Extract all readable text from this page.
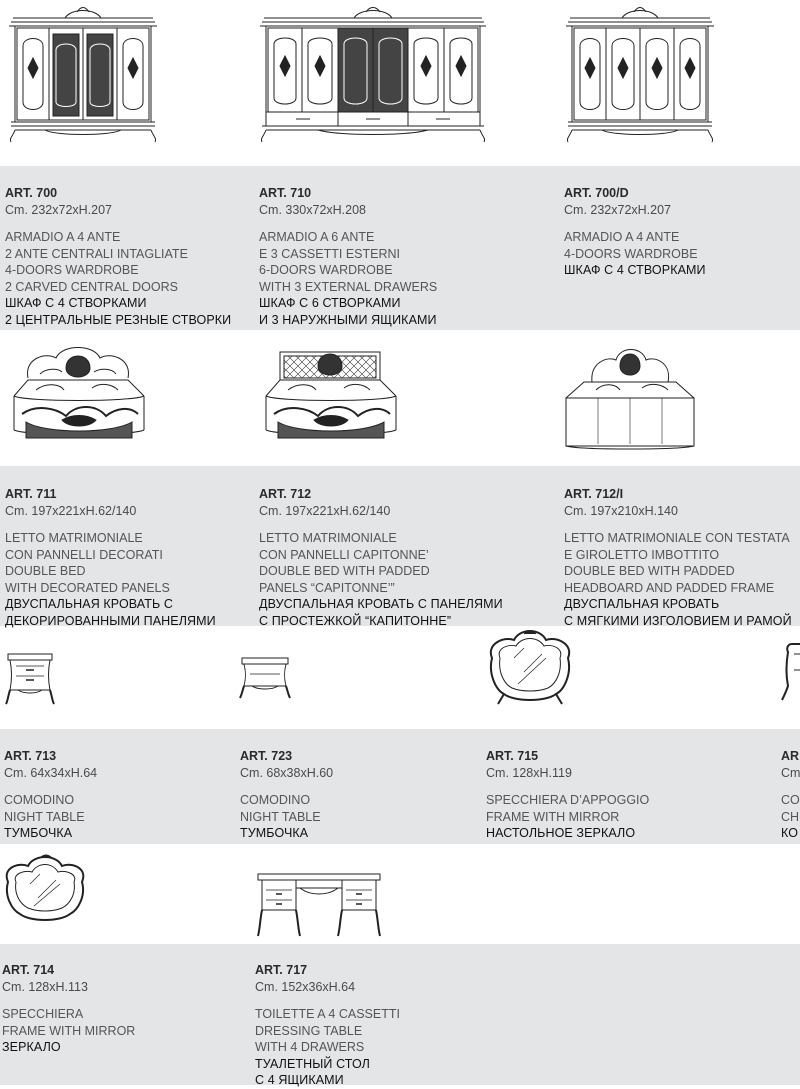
ART. 700
Cm. 232x72xH.207
ARMADIO A 4 ANTE
2 ANTE CENTRALI INTAGLIATE
4-DOORS WARDROBE
2 CARVED CENTRAL DOORS
ШКАФ С 4 СТВОРКАМИ
2 ЦЕНТРАЛЬНЫЕ РЕЗНЫЕ СТВОРКИ
ART. 710
Cm. 330x72xH.208
ARMADIO A 6 ANTE
E 3 CASSETTI ESTERNI
6-DOORS WARDROBE
WITH 3 EXTERNAL DRAWERS
ШКАФ С 6 СТВОРКАМИ
И 3 НАРУЖНЫМИ ЯЩИКАМИ
ART. 700/D
Cm. 232x72xH.207
ARMADIO A 4 ANTE
4-DOORS WARDROBE
ШКАФ С 4 СТВОРКАМИ
ART. 711
Cm. 197x221xH.62/140
LETTO MATRIMONIALE
CON PANNELLI DECORATI
DOUBLE BED
WITH DECORATED PANELS
ДВУСПАЛЬНАЯ КРОВАТЬ С
ДЕКОРИРОВАННЫМИ ПАНЕЛЯМИ
ART. 712
Cm. 197x221xH.62/140
LETTO MATRIMONIALE
CON PANNELLI CAPITONNE’
DOUBLE BED WITH PADDED
PANELS “CAPITONNE’”
ДВУСПАЛЬНАЯ КРОВАТЬ С ПАНЕЛЯМИ
С ПРОСТЕЖКОЙ “КАПИТОННЕ”
ART. 712/I
Cm. 197x210xH.140
LETTO MATRIMONIALE CON TESTATA
E GIROLETTO IMBOTTITO
DOUBLE BED WITH PADDED
HEADBOARD AND PADDED FRAME
ДВУСПАЛЬНАЯ КРОВАТЬ
С МЯГКИМИ ИЗГОЛОВИЕМ И РАМОЙ
ART. 713
Cm. 64x34xH.64
COMODINO
NIGHT TABLE
ТУМБОЧКА
ART. 723
Cm. 68x38xH.60
COMODINO
NIGHT TABLE
ТУМБОЧКА
ART. 715
Cm. 128xH.119
SPECCHIERA D’APPOGGIO
FRAME WITH MIRROR
НАСТОЛЬНОЕ ЗЕРКАЛО
AR
Cm
CO
CH
КО
ART. 714
Cm. 128xH.113
SPECCHIERA
FRAME WITH MIRROR
ЗЕРКАЛО
ART. 717
Cm. 152x36xH.64
TOILETTE A 4 CASSETTI
DRESSING TABLE
WITH 4 DRAWERS
ТУАЛЕТНЫЙ СТОЛ
С 4 ЯЩИКАМИ
